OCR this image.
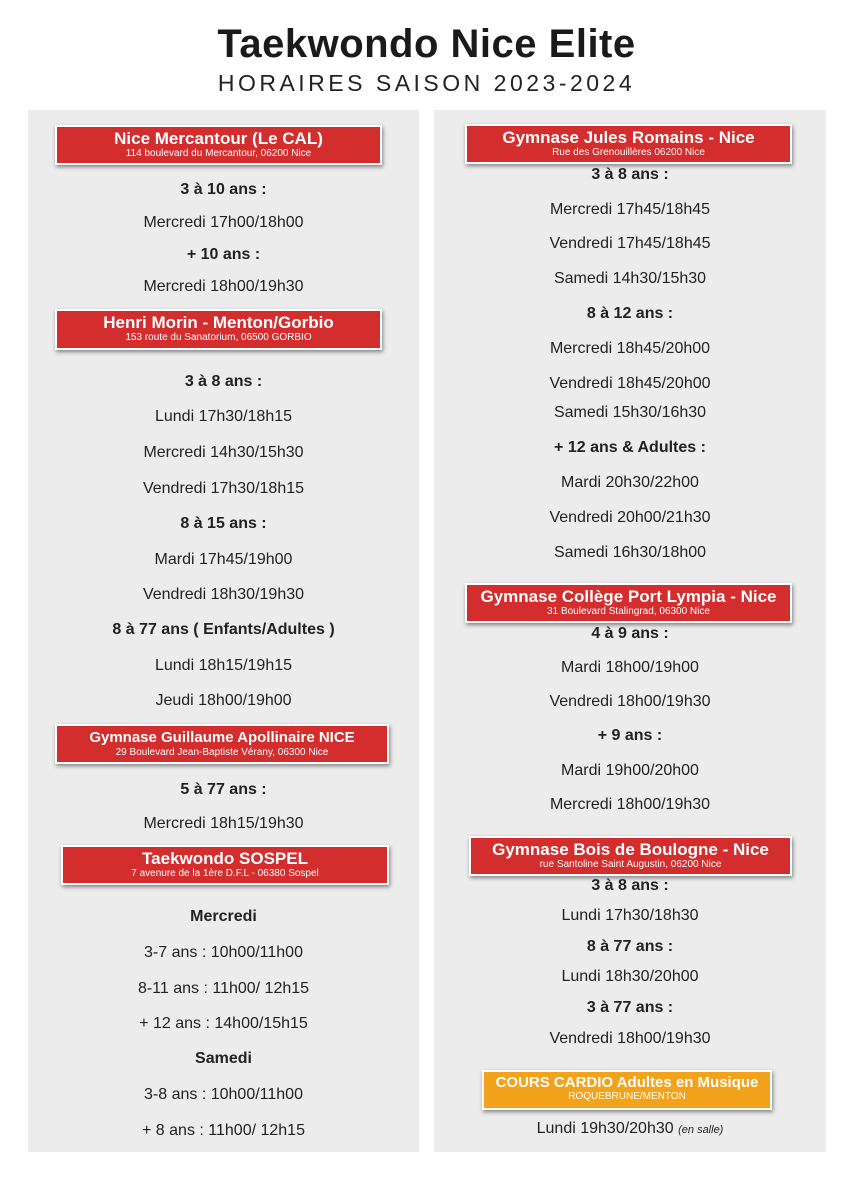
Taekwondo Nice Elite
HORAIRES SAISON 2023-2024
Nice Mercantour (Le CAL)
114 boulevard du Mercantour, 06200 Nice
3 à 10 ans :
Mercredi 17h00/18h00
+ 10 ans :
Mercredi 18h00/19h30
Henri Morin - Menton/Gorbio
153 route du Sanatorium, 06500 GORBIO
3 à 8 ans :
Lundi 17h30/18h15
Mercredi 14h30/15h30
Vendredi 17h30/18h15
8 à 15 ans :
Mardi 17h45/19h00
Vendredi 18h30/19h30
8 à 77 ans ( Enfants/Adultes )
Lundi 18h15/19h15
Jeudi 18h00/19h00
Gymnase Guillaume Apollinaire NICE
29 Boulevard Jean-Baptiste Vérany, 06300 Nice
5 à 77 ans :
Mercredi 18h15/19h30
Taekwondo SOSPEL
7 avenure de la 1ère D.F.L - 06380 Sospel
Mercredi
3-7 ans : 10h00/11h00
8-11 ans : 11h00/ 12h15
+ 12 ans : 14h00/15h15
Samedi
3-8 ans : 10h00/11h00
+ 8 ans : 11h00/ 12h15
Gymnase Jules Romains - Nice
Rue des Grenouillères 06200 Nice
3 à 8 ans :
Mercredi 17h45/18h45
Vendredi 17h45/18h45
Samedi 14h30/15h30
8 à 12 ans :
Mercredi 18h45/20h00
Vendredi 18h45/20h00
Samedi 15h30/16h30
+ 12 ans & Adultes :
Mardi 20h30/22h00
Vendredi 20h00/21h30
Samedi 16h30/18h00
Gymnase Collège Port Lympia - Nice
31 Boulevard Stalingrad, 06300 Nice
4 à 9 ans :
Mardi 18h00/19h00
Vendredi 18h00/19h30
+ 9 ans :
Mardi 19h00/20h00
Mercredi 18h00/19h30
Gymnase Bois de Boulogne - Nice
rue Santoline Saint Augustin, 06200 Nice
3 à 8 ans :
Lundi 17h30/18h30
8 à 77 ans :
Lundi 18h30/20h00
3 à 77 ans :
Vendredi 18h00/19h30
COURS CARDIO Adultes en Musique
ROQUEBRUNE/MENTON
Lundi 19h30/20h30 (en salle)
